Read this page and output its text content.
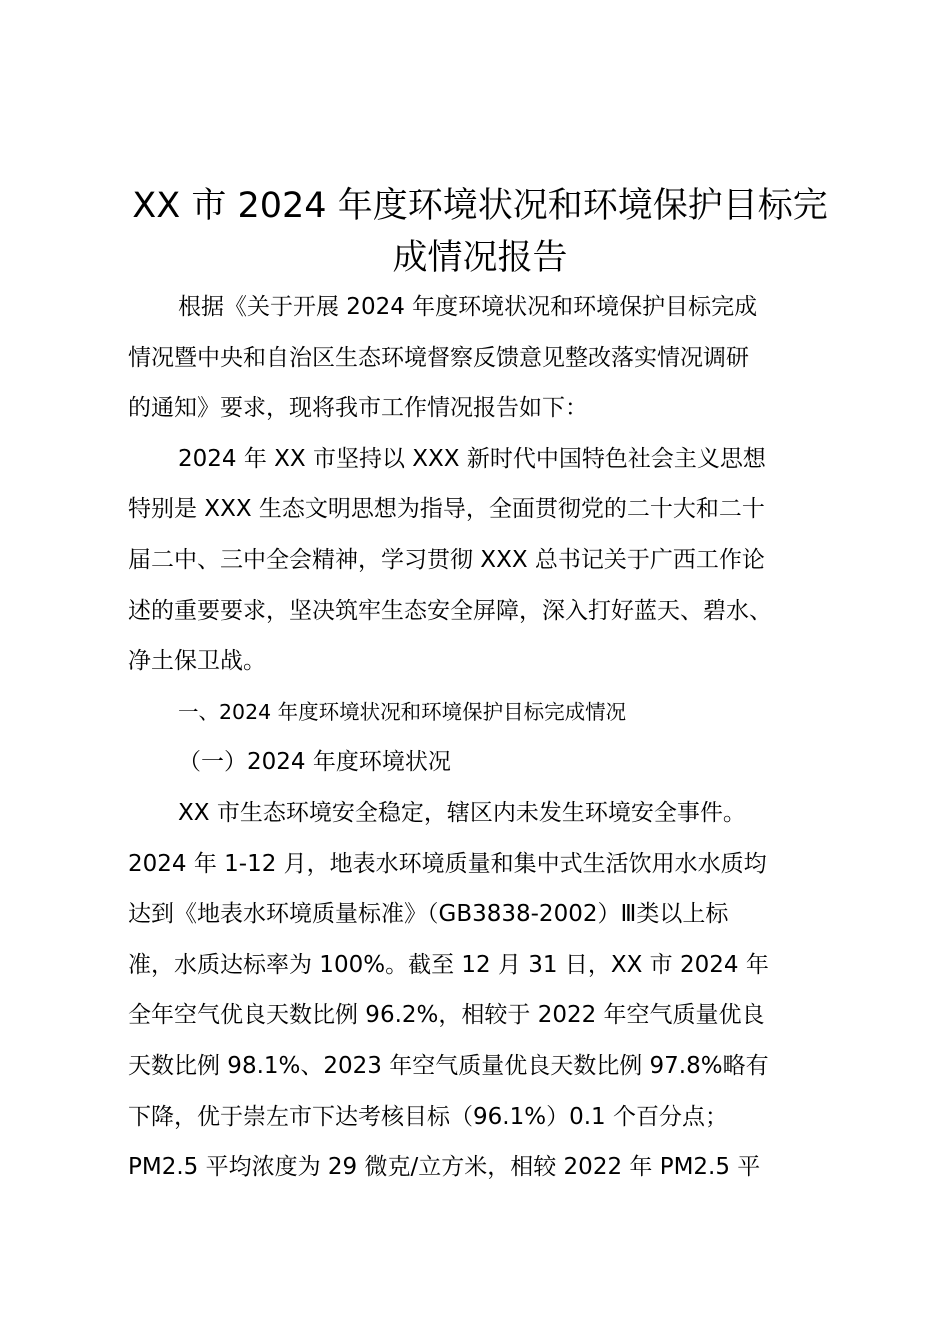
XX 市 2024 年度环境状况和环境保护目标完
成情况报告

根据《关于开展 2024 年度环境状况和环境保护目标完成
情况暨中央和自治区生态环境督察反馈意见整改落实情况调研
的通知》要求，现将我市工作情况报告如下：

2024 年 XX 市坚持以 XXX 新时代中国特色社会主义思想
特别是 XXX 生态文明思想为指导，全面贯彻党的二十大和二十
届二中、三中全会精神，学习贯彻 XXX 总书记关于广西工作论
述的重要要求，坚决筑牢生态安全屏障，深入打好蓝天、碧水、
净土保卫战。

一、2024 年度环境状况和环境保护目标完成情况

（一）2024 年度环境状况

XX 市生态环境安全稳定，辖区内未发生环境安全事件。
2024 年 1-12 月，地表水环境质量和集中式生活饮用水水质均
达到《地表水环境质量标准》（GB3838-2002）Ⅲ类以上标
准，水质达标率为 100%。截至 12 月 31 日，XX 市 2024 年
全年空气优良天数比例 96.2%，相较于 2022 年空气质量优良
天数比例 98.1%、2023 年空气质量优良天数比例 97.8%略有
下降，优于崇左市下达考核目标（96.1%）0.1 个百分点；
PM2.5 平均浓度为 29 微克/立方米，相较 2022 年 PM2.5 平
